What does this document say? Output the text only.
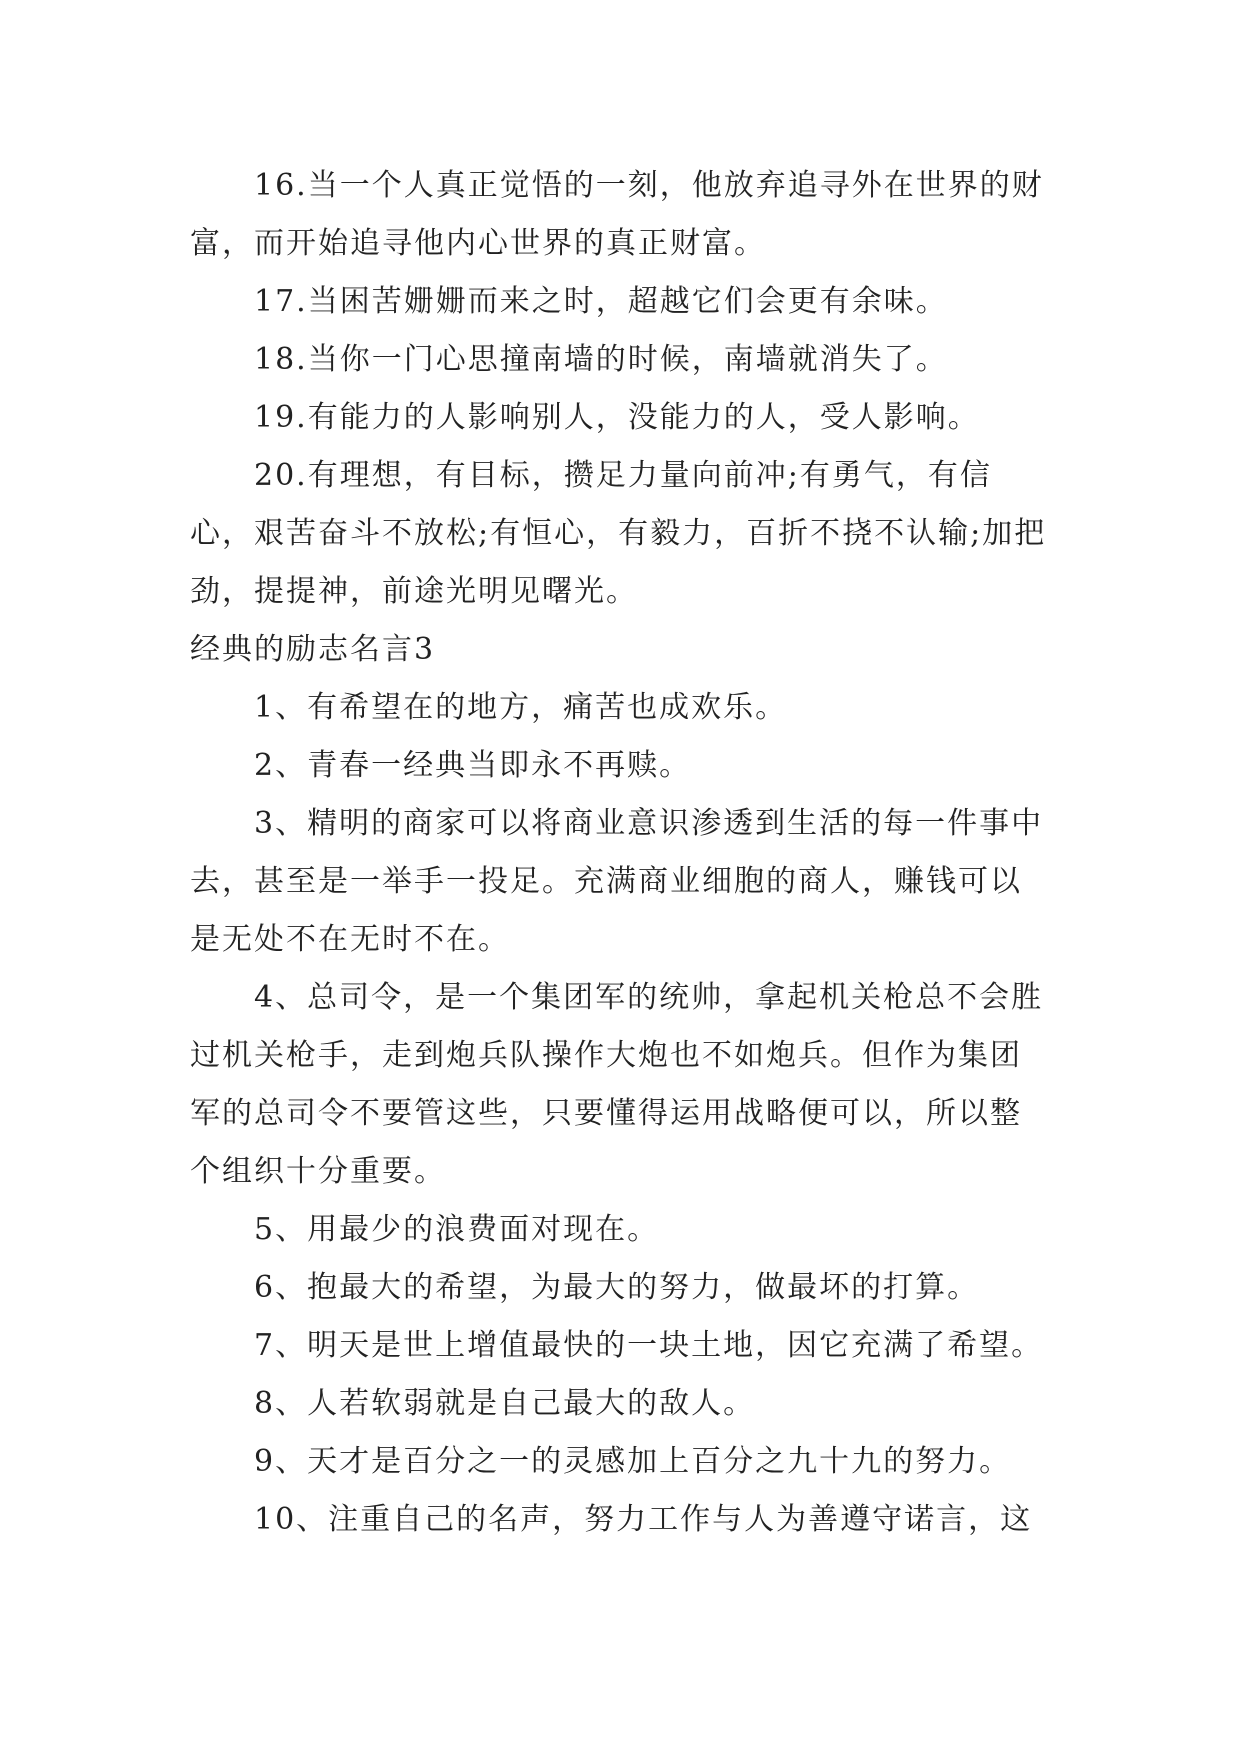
16.当一个人真正觉悟的一刻，他放弃追寻外在世界的财富，而开始追寻他内心世界的真正财富。

17.当困苦姗姗而来之时，超越它们会更有余味。

18.当你一门心思撞南墙的时候，南墙就消失了。

19.有能力的人影响别人，没能力的人，受人影响。

20.有理想，有目标，攒足力量向前冲;有勇气，有信心，艰苦奋斗不放松;有恒心，有毅力，百折不挠不认输;加把劲，提提神，前途光明见曙光。

经典的励志名言3

1、有希望在的地方，痛苦也成欢乐。

2、青春一经典当即永不再赎。

3、精明的商家可以将商业意识渗透到生活的每一件事中去，甚至是一举手一投足。充满商业细胞的商人，赚钱可以是无处不在无时不在。

4、总司令，是一个集团军的统帅，拿起机关枪总不会胜过机关枪手，走到炮兵队操作大炮也不如炮兵。但作为集团军的总司令不要管这些，只要懂得运用战略便可以，所以整个组织十分重要。

5、用最少的浪费面对现在。

6、抱最大的希望，为最大的努力，做最坏的打算。

7、明天是世上增值最快的一块土地，因它充满了希望。

8、人若软弱就是自己最大的敌人。

9、天才是百分之一的灵感加上百分之九十九的努力。

10、注重自己的名声，努力工作与人为善遵守诺言，这
